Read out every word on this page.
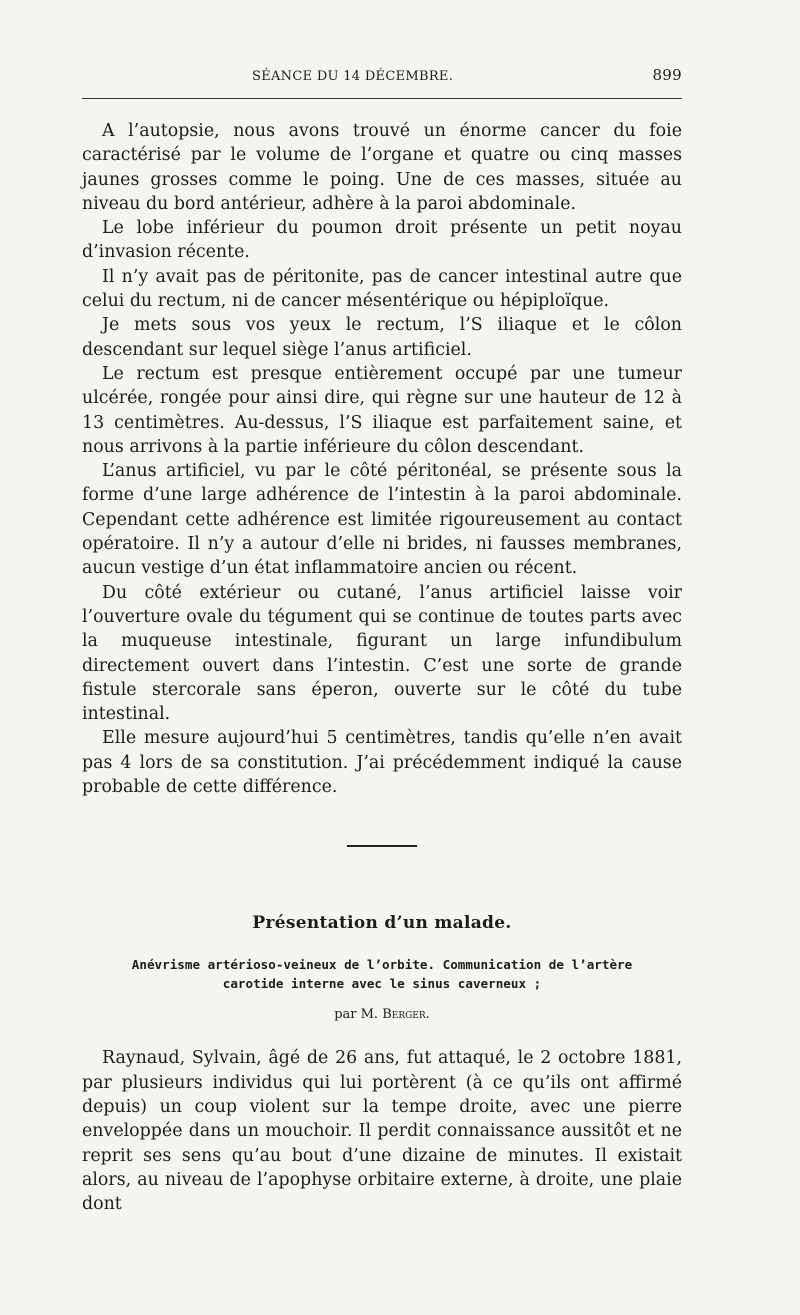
SÉANCE DU 14 DÉCEMBRE.	899

A l’autopsie, nous avons trouvé un énorme cancer du foie caractérisé par le volume de l’organe et quatre ou cinq masses jaunes grosses comme le poing. Une de ces masses, située au niveau du bord antérieur, adhère à la paroi abdominale.

Le lobe inférieur du poumon droit présente un petit noyau d’invasion récente.

Il n’y avait pas de péritonite, pas de cancer intestinal autre que celui du rectum, ni de cancer mésentérique ou hépiploïque.

Je mets sous vos yeux le rectum, l’S iliaque et le côlon descendant sur lequel siège l’anus artificiel.

Le rectum est presque entièrement occupé par une tumeur ulcérée, rongée pour ainsi dire, qui règne sur une hauteur de 12 à 13 centimètres. Au-dessus, l’S iliaque est parfaitement saine, et nous arrivons à la partie inférieure du côlon descendant.

L’anus artificiel, vu par le côté péritonéal, se présente sous la forme d’une large adhérence de l’intestin à la paroi abdominale. Cependant cette adhérence est limitée rigoureusement au contact opératoire. Il n’y a autour d’elle ni brides, ni fausses membranes, aucun vestige d’un état inflammatoire ancien ou récent.

Du côté extérieur ou cutané, l’anus artificiel laisse voir l’ouverture ovale du tégument qui se continue de toutes parts avec la muqueuse intestinale, figurant un large infundibulum directement ouvert dans l’intestin. C’est une sorte de grande fistule stercorale sans éperon, ouverte sur le côté du tube intestinal.

Elle mesure aujourd’hui 5 centimètres, tandis qu’elle n’en avait pas 4 lors de sa constitution. J’ai précédemment indiqué la cause probable de cette différence.

Présentation d’un malade.
Anévrisme artérioso-veineux de l’orbite. Communication de l’artère
carotide interne avec le sinus caverneux ;
par M. Berger.

Raynaud, Sylvain, âgé de 26 ans, fut attaqué, le 2 octobre 1881, par plusieurs individus qui lui portèrent (à ce qu’ils ont affirmé depuis) un coup violent sur la tempe droite, avec une pierre enveloppée dans un mouchoir. Il perdit connaissance aussitôt et ne reprit ses sens qu’au bout d’une dizaine de minutes. Il existait alors, au niveau de l’apophyse orbitaire externe, à droite, une plaie dont
